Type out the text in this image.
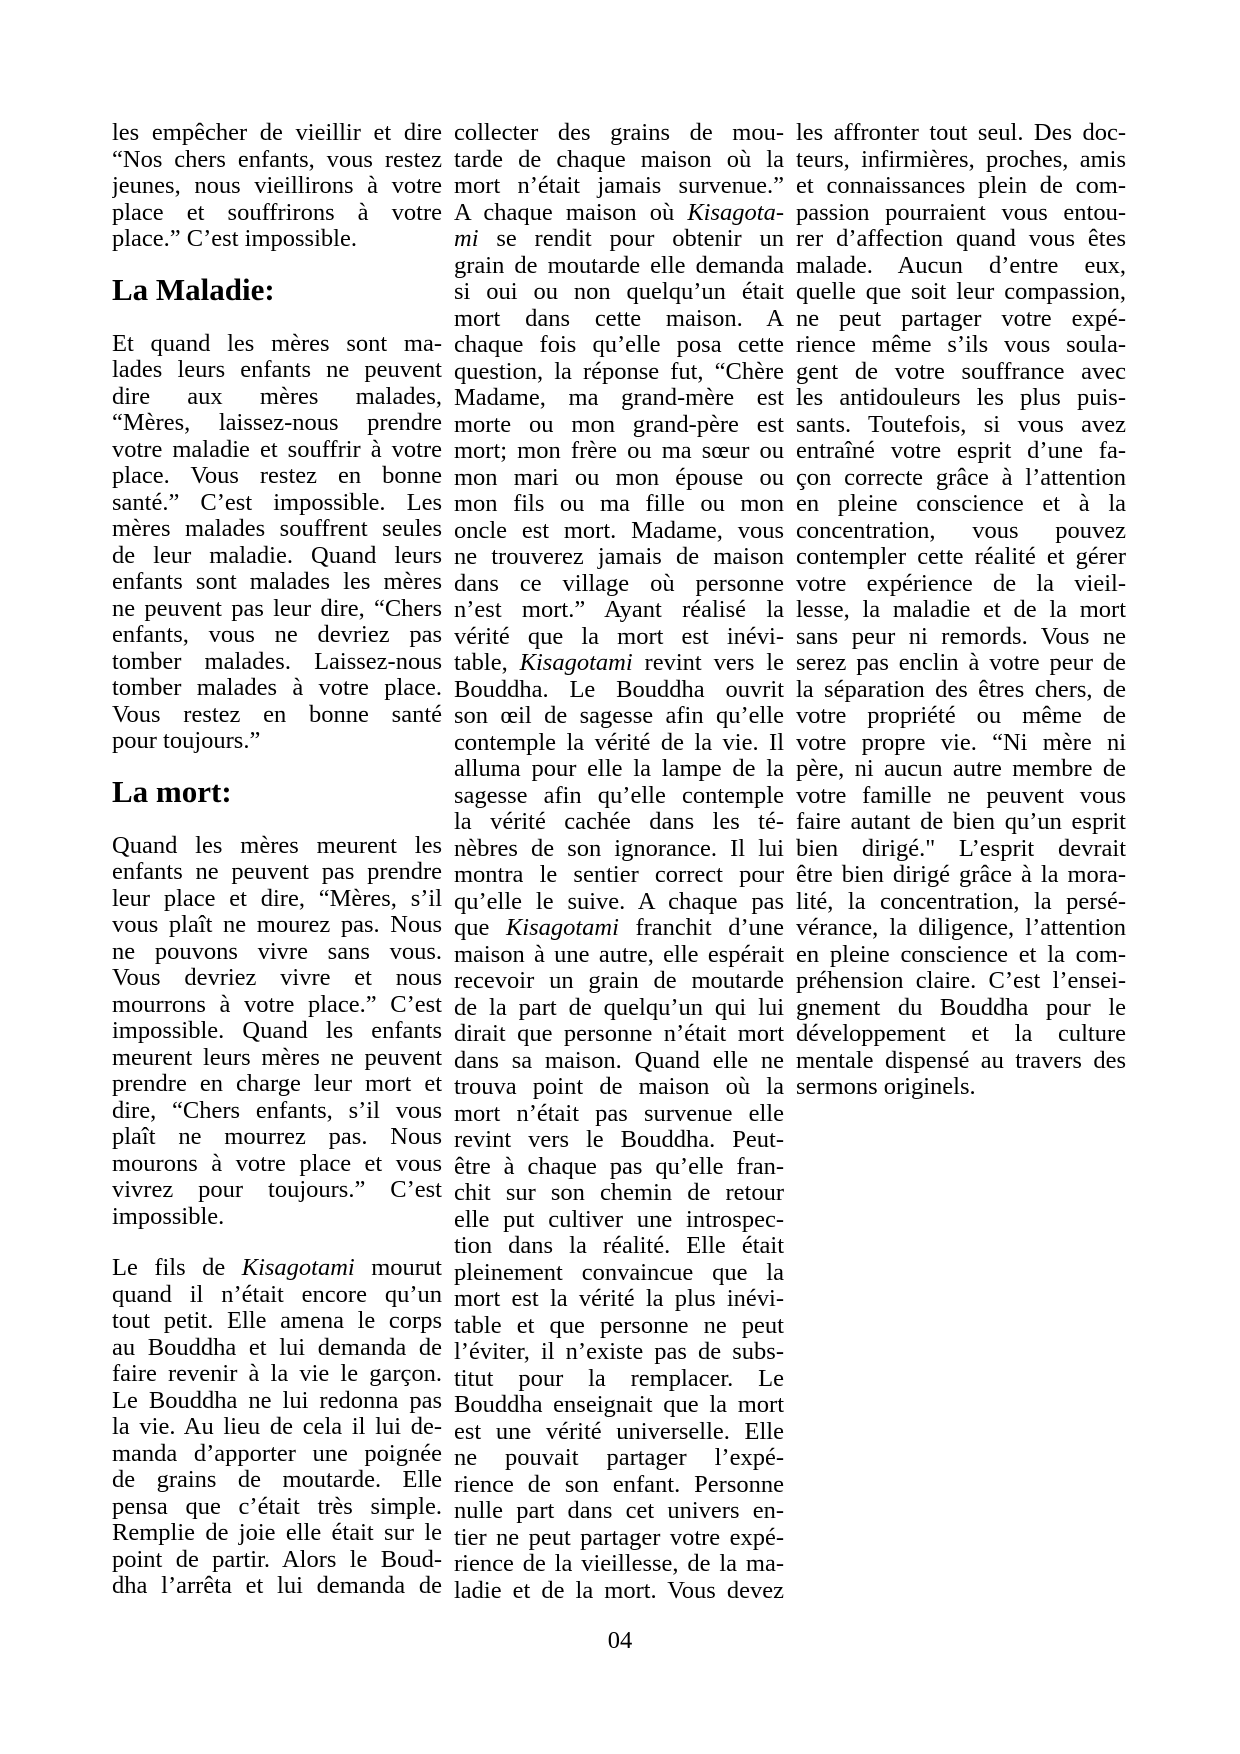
les empêcher de vieillir et dire
“Nos chers enfants, vous restez
jeunes, nous vieillirons à votre
place et souffrirons à votre
place.” C’est impossible.
La Maladie:
Et quand les mères sont ma-
lades leurs enfants ne peuvent
dire aux mères malades,
“Mères, laissez-nous prendre
votre maladie et souffrir à votre
place. Vous restez en bonne
santé.” C’est impossible. Les
mères malades souffrent seules
de leur maladie. Quand leurs
enfants sont malades les mères
ne peuvent pas leur dire, “Chers
enfants, vous ne devriez pas
tomber malades. Laissez-nous
tomber malades à votre place.
Vous restez en bonne santé
pour toujours.”
La mort:
Quand les mères meurent les
enfants ne peuvent pas prendre
leur place et dire, “Mères, s’il
vous plaît ne mourez pas. Nous
ne pouvons vivre sans vous.
Vous devriez vivre et nous
mourrons à votre place.” C’est
impossible. Quand les enfants
meurent leurs mères ne peuvent
prendre en charge leur mort et
dire, “Chers enfants, s’il vous
plaît ne mourrez pas. Nous
mourons à votre place et vous
vivrez pour toujours.” C’est
impossible.
Le fils de Kisagotami mourut
quand il n’était encore qu’un
tout petit. Elle amena le corps
au Bouddha et lui demanda de
faire revenir à la vie le garçon.
Le Bouddha ne lui redonna pas
la vie. Au lieu de cela il lui de-
manda d’apporter une poignée
de grains de moutarde. Elle
pensa que c’était très simple.
Remplie de joie elle était sur le
point de partir. Alors le Boud-
dha l’arrêta et lui demanda de
collecter des grains de mou-
tarde de chaque maison où la
mort n’était jamais survenue.”
A chaque maison où Kisagota-
mi se rendit pour obtenir un
grain de moutarde elle demanda
si oui ou non quelqu’un était
mort dans cette maison. A
chaque fois qu’elle posa cette
question, la réponse fut, “Chère
Madame, ma grand-mère est
morte ou mon grand-père est
mort; mon frère ou ma sœur ou
mon mari ou mon épouse ou
mon fils ou ma fille ou mon
oncle est mort. Madame, vous
ne trouverez jamais de maison
dans ce village où personne
n’est mort.” Ayant réalisé la
vérité que la mort est inévi-
table, Kisagotami revint vers le
Bouddha. Le Bouddha ouvrit
son œil de sagesse afin qu’elle
contemple la vérité de la vie. Il
alluma pour elle la lampe de la
sagesse afin qu’elle contemple
la vérité cachée dans les té-
nèbres de son ignorance. Il lui
montra le sentier correct pour
qu’elle le suive. A chaque pas
que Kisagotami franchit d’une
maison à une autre, elle espérait
recevoir un grain de moutarde
de la part de quelqu’un qui lui
dirait que personne n’était mort
dans sa maison. Quand elle ne
trouva point de maison où la
mort n’était pas survenue elle
revint vers le Bouddha. Peut-
être à chaque pas qu’elle fran-
chit sur son chemin de retour
elle put cultiver une introspec-
tion dans la réalité. Elle était
pleinement convaincue que la
mort est la vérité la plus inévi-
table et que personne ne peut
l’éviter, il n’existe pas de subs-
titut pour la remplacer. Le
Bouddha enseignait que la mort
est une vérité universelle. Elle
ne pouvait partager l’expé-
rience de son enfant. Personne
nulle part dans cet univers en-
tier ne peut partager votre expé-
rience de la vieillesse, de la ma-
ladie et de la mort. Vous devez
les affronter tout seul. Des doc-
teurs, infirmières, proches, amis
et connaissances plein de com-
passion pourraient vous entou-
rer d’affection quand vous êtes
malade. Aucun d’entre eux,
quelle que soit leur compassion,
ne peut partager votre expé-
rience même s’ils vous soula-
gent de votre souffrance avec
les antidouleurs les plus puis-
sants. Toutefois, si vous avez
entraîné votre esprit d’une fa-
çon correcte grâce à l’attention
en pleine conscience et à la
concentration, vous pouvez
contempler cette réalité et gérer
votre expérience de la vieil-
lesse, la maladie et de la mort
sans peur ni remords. Vous ne
serez pas enclin à votre peur de
la séparation des êtres chers, de
votre propriété ou même de
votre propre vie. “Ni mère ni
père, ni aucun autre membre de
votre famille ne peuvent vous
faire autant de bien qu’un esprit
bien dirigé." L’esprit devrait
être bien dirigé grâce à la mora-
lité, la concentration, la persé-
vérance, la diligence, l’attention
en pleine conscience et la com-
préhension claire. C’est l’ensei-
gnement du Bouddha pour le
développement et la culture
mentale dispensé au travers des
sermons originels.
04
